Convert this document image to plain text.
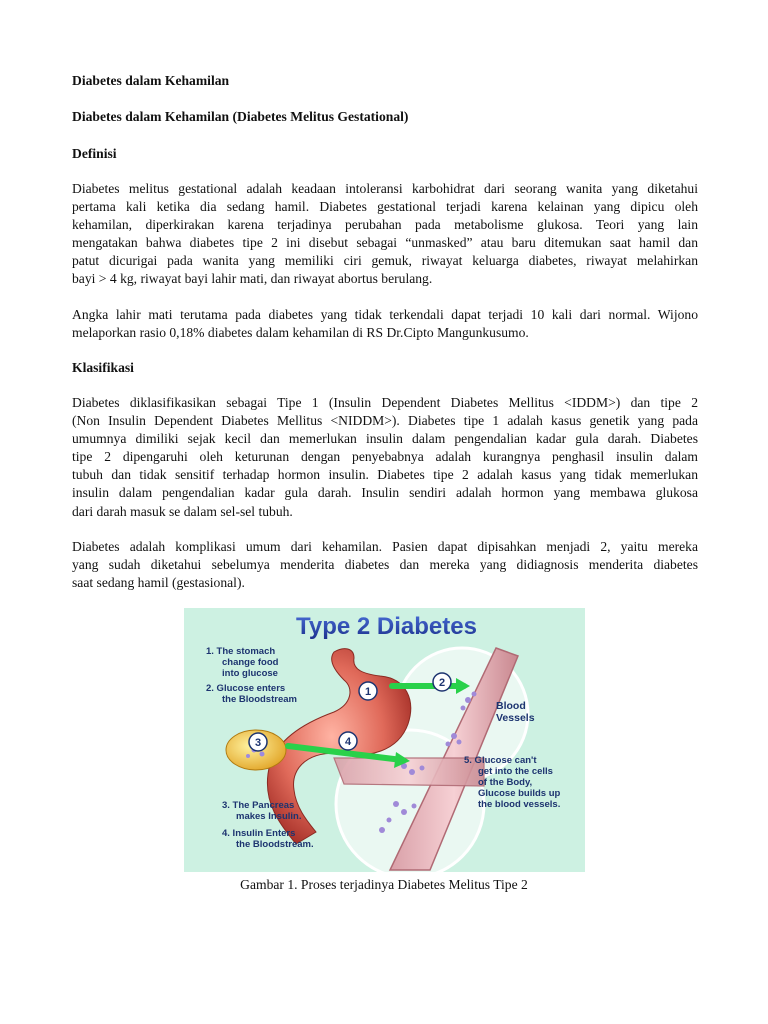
Diabetes dalam Kehamilan
Diabetes dalam Kehamilan (Diabetes Melitus Gestational)
Definisi
Diabetes melitus gestational adalah keadaan intoleransi karbohidrat dari seorang wanita yang diketahui
pertama kali ketika dia sedang hamil. Diabetes gestational terjadi karena kelainan yang dipicu oleh
kehamilan, diperkirakan karena terjadinya perubahan pada metabolisme glukosa. Teori yang lain
mengatakan bahwa diabetes tipe 2 ini disebut sebagai “unmasked” atau baru ditemukan saat hamil dan
patut dicurigai pada wanita yang memiliki ciri gemuk, riwayat keluarga diabetes, riwayat melahirkan
bayi > 4 kg, riwayat bayi lahir mati, dan riwayat abortus berulang.
Angka lahir mati terutama pada diabetes yang tidak terkendali dapat terjadi 10 kali dari normal. Wijono
melaporkan rasio 0,18% diabetes dalam kehamilan di RS Dr.Cipto Mangunkusumo.
Klasifikasi
Diabetes diklasifikasikan sebagai Tipe 1 (Insulin Dependent Diabetes Mellitus <IDDM>) dan tipe 2
(Non Insulin Dependent Diabetes Mellitus <NIDDM>). Diabetes tipe 1 adalah kasus genetik yang pada
umumnya dimiliki sejak kecil dan memerlukan insulin dalam pengendalian kadar gula darah. Diabetes
tipe 2 dipengaruhi oleh keturunan dengan penyebabnya adalah kurangnya penghasil insulin dalam
tubuh dan tidak sensitif terhadap hormon insulin. Diabetes tipe 2 adalah kasus yang tidak memerlukan
insulin dalam pengendalian kadar gula darah. Insulin sendiri adalah hormon yang membawa glukosa
dari darah masuk se dalam sel-sel tubuh.
Diabetes adalah komplikasi umum dari kehamilan. Pasien dapat dipisahkan menjadi 2, yaitu mereka
yang sudah diketahui sebelumya menderita diabetes dan mereka yang didiagnosis menderita diabetes
saat sedang hamil (gestasional).
Type 2 Diabetes
1
2
3	4
1. The stomach
change food
into glucose
2. Glucose enters
the Bloodstream
3. The Pancreas
makes Insulin.
4. Insulin Enters
the Bloodstream.
5. Glucose can't
get into the cells
of the Body,
Glucose builds up
the blood vessels.
Blood
Vessels
Gambar 1. Proses terjadinya Diabetes Melitus Tipe 2
